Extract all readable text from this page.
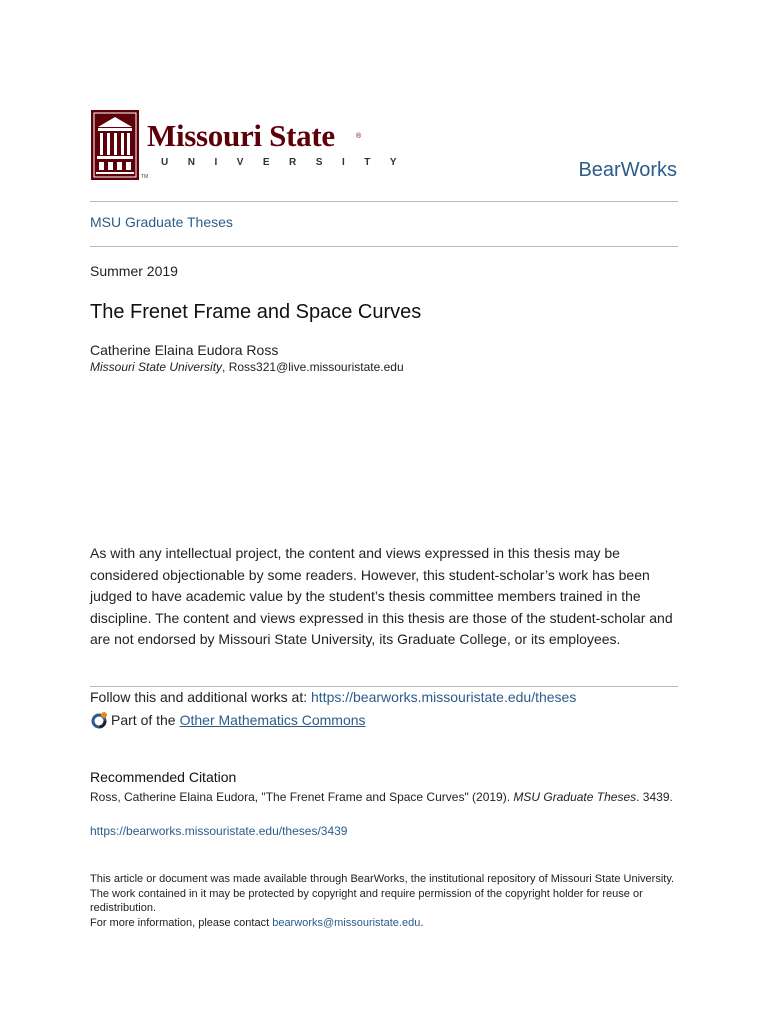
Missouri State	®
UNIVERSITY
TM	BearWorks
MSU Graduate Theses
Summer 2019
The Frenet Frame and Space Curves
Catherine Elaina Eudora Ross
Missouri State University, Ross321@live.missouristate.edu
As with any intellectual project, the content and views expressed in this thesis may be considered objectionable by some readers. However, this student-scholar’s work has been judged to have academic value by the student’s thesis committee members trained in the discipline. The content and views expressed in this thesis are those of the student-scholar and are not endorsed by Missouri State University, its Graduate College, or its employees.
Follow this and additional works at: https://bearworks.missouristate.edu/theses
Part of the Other Mathematics Commons
Recommended Citation
Ross, Catherine Elaina Eudora, "The Frenet Frame and Space Curves" (2019). MSU Graduate Theses. 3439.
https://bearworks.missouristate.edu/theses/3439
This article or document was made available through BearWorks, the institutional repository of Missouri State University. The work contained in it may be protected by copyright and require permission of the copyright holder for reuse or redistribution.
For more information, please contact bearworks@missouristate.edu.
